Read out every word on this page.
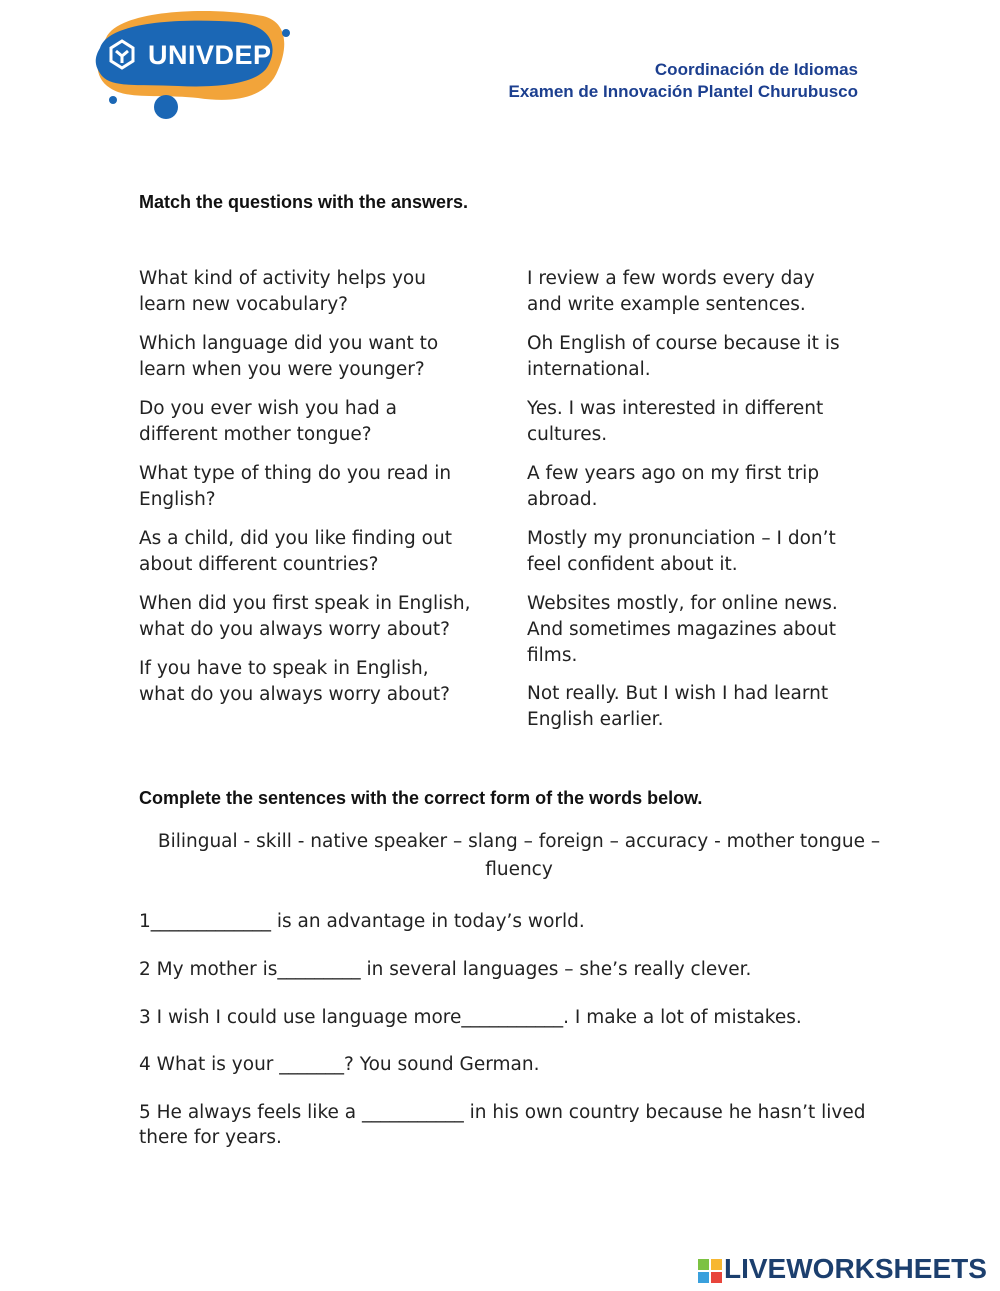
UNIVDEP	Coordinación de Idiomas
Examen de Innovación Plantel Churubusco
Match the questions with the answers.
What kind of activity helps you
learn new vocabulary?
Which language did you want to
learn when you were younger?
Do you ever wish you had a
different mother tongue?
What type of thing do you read in
English?
As a child, did you like finding out
about different countries?
When did you first speak in English,
what do you always worry about?
If you have to speak in English,
what do you always worry about?
I review a few words every day
and write example sentences.
Oh English of course because it is
international.
Yes. I was interested in different
cultures.
A few years ago on my first trip
abroad.
Mostly my pronunciation – I don’t
feel confident about it.
Websites mostly, for online news.
And sometimes magazines about
films.
Not really. But I wish I had learnt
English earlier.
Complete the sentences with the correct form of the words below.
Bilingual - skill - native speaker – slang – foreign – accuracy - mother tongue – fluency
1_____________ is an advantage in today’s world.
2 My mother is_________ in several languages – she’s really clever.
3 I wish I could use language more___________. I make a lot of mistakes.
4 What is your _______? You sound German.
5 He always feels like a ___________ in his own country because he hasn’t lived there for years.
LIVEWORKSHEETS
